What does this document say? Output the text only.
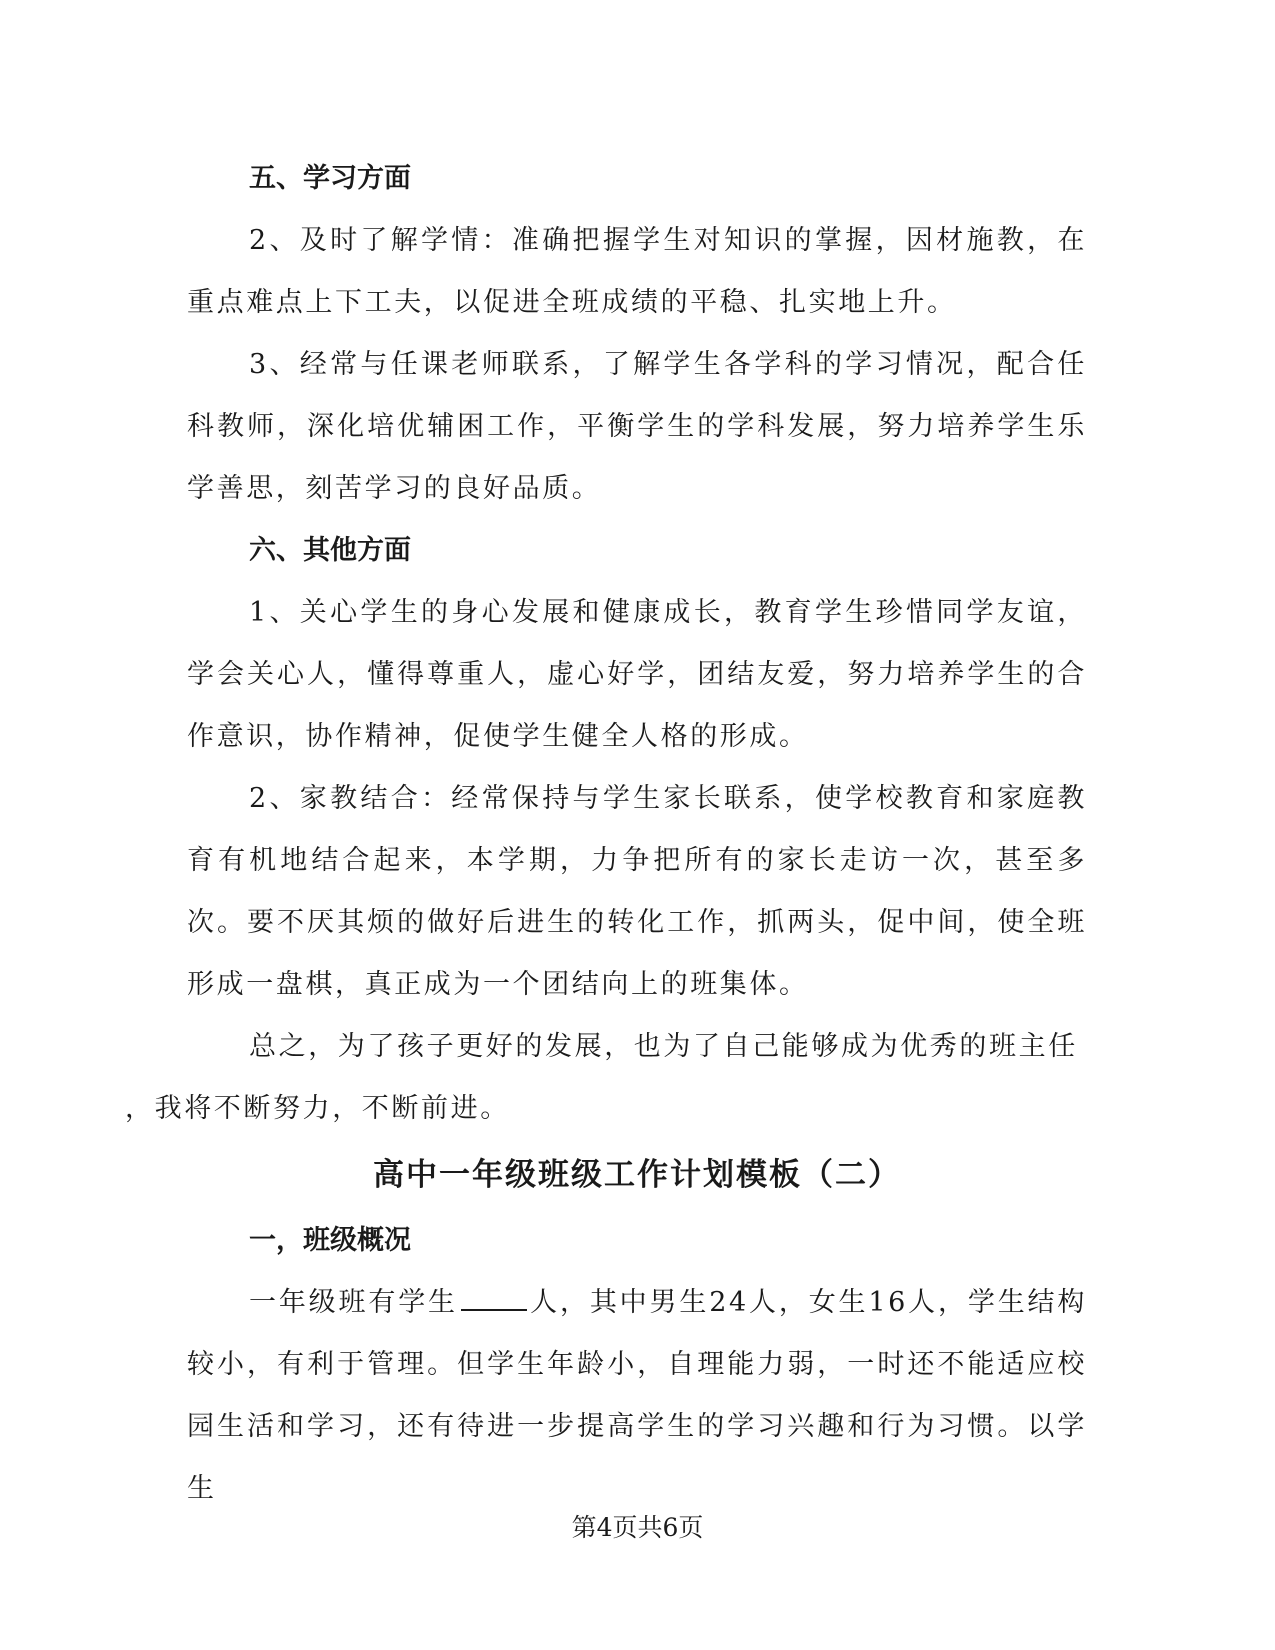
五、学习方面

2、及时了解学情：准确把握学生对知识的掌握，因材施教，在重点难点上下工夫，以促进全班成绩的平稳、扎实地上升。

3、经常与任课老师联系，了解学生各学科的学习情况，配合任科教师，深化培优辅困工作，平衡学生的学科发展，努力培养学生乐学善思，刻苦学习的良好品质。

六、其他方面

1、关心学生的身心发展和健康成长，教育学生珍惜同学友谊，学会关心人，懂得尊重人，虚心好学，团结友爱，努力培养学生的合作意识，协作精神，促使学生健全人格的形成。

2、家教结合：经常保持与学生家长联系，使学校教育和家庭教育有机地结合起来，本学期，力争把所有的家长走访一次，甚至多次。要不厌其烦的做好后进生的转化工作，抓两头，促中间，使全班形成一盘棋，真正成为一个团结向上的班集体。

总之，为了孩子更好的发展，也为了自己能够成为优秀的班主任
，我将不断努力，不断前进。

高中一年级班级工作计划模板（二）
一，班级概况

一年级班有学生	人，其中男生24人，女生16人，学生结构较小，有利于管理。但学生年龄小，自理能力弱，一时还不能适应校园生活和学习，还有待进一步提高学生的学习兴趣和行为习惯。以学生

第4页共6页
